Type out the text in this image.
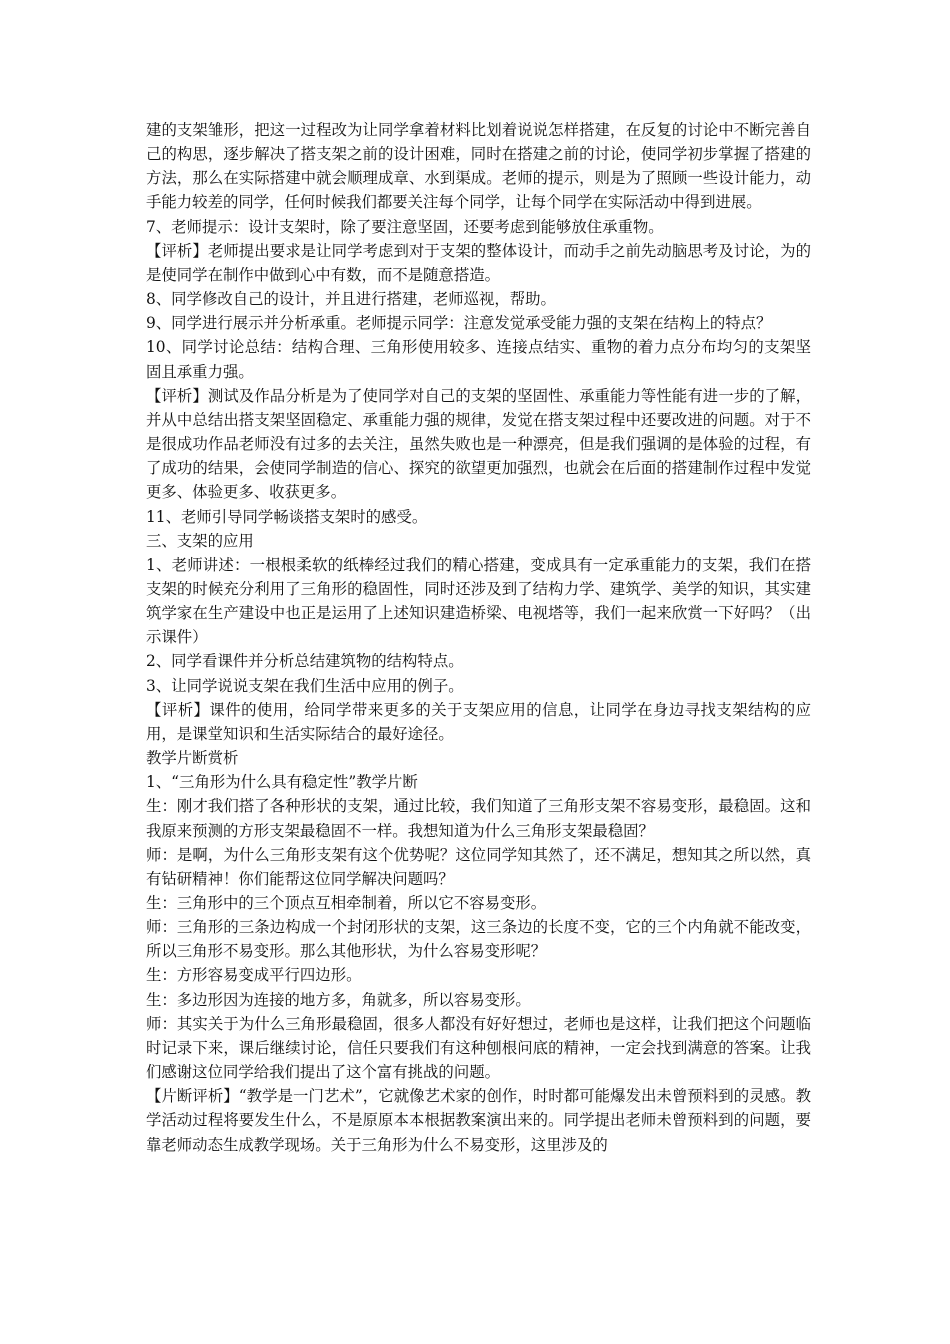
建的支架雏形，把这一过程改为让同学拿着材料比划着说说怎样搭建，在反复的讨论中不断完善自己的构思，逐步解决了搭支架之前的设计困难，同时在搭建之前的讨论，使同学初步掌握了搭建的方法，那么在实际搭建中就会顺理成章、水到渠成。老师的提示，则是为了照顾一些设计能力，动手能力较差的同学，任何时候我们都要关注每个同学，让每个同学在实际活动中得到进展。

7、老师提示：设计支架时，除了要注意坚固，还要考虑到能够放住承重物。

【评析】老师提出要求是让同学考虑到对于支架的整体设计，而动手之前先动脑思考及讨论，为的是使同学在制作中做到心中有数，而不是随意搭造。

8、同学修改自己的设计，并且进行搭建，老师巡视，帮助。

9、同学进行展示并分析承重。老师提示同学：注意发觉承受能力强的支架在结构上的特点？

10、同学讨论总结：结构合理、三角形使用较多、连接点结实、重物的着力点分布均匀的支架坚固且承重力强。

【评析】测试及作品分析是为了使同学对自己的支架的坚固性、承重能力等性能有进一步的了解，并从中总结出搭支架坚固稳定、承重能力强的规律，发觉在搭支架过程中还要改进的问题。对于不是很成功作品老师没有过多的去关注，虽然失败也是一种漂亮，但是我们强调的是体验的过程，有了成功的结果，会使同学制造的信心、探究的欲望更加强烈，也就会在后面的搭建制作过程中发觉更多、体验更多、收获更多。

11、老师引导同学畅谈搭支架时的感受。

三、支架的应用

1、老师讲述：一根根柔软的纸棒经过我们的精心搭建，变成具有一定承重能力的支架，我们在搭支架的时候充分利用了三角形的稳固性，同时还涉及到了结构力学、建筑学、美学的知识，其实建筑学家在生产建设中也正是运用了上述知识建造桥梁、电视塔等，我们一起来欣赏一下好吗？（出示课件）

2、同学看课件并分析总结建筑物的结构特点。

3、让同学说说支架在我们生活中应用的例子。

【评析】课件的使用，给同学带来更多的关于支架应用的信息，让同学在身边寻找支架结构的应用，是课堂知识和生活实际结合的最好途径。

教学片断赏析

1、“三角形为什么具有稳定性”教学片断

生：刚才我们搭了各种形状的支架，通过比较，我们知道了三角形支架不容易变形，最稳固。这和我原来预测的方形支架最稳固不一样。我想知道为什么三角形支架最稳固？

师：是啊，为什么三角形支架有这个优势呢？这位同学知其然了，还不满足，想知其之所以然，真有钻研精神！你们能帮这位同学解决问题吗？

生：三角形中的三个顶点互相牵制着，所以它不容易变形。

师：三角形的三条边构成一个封闭形状的支架，这三条边的长度不变，它的三个内角就不能改变，所以三角形不易变形。那么其他形状，为什么容易变形呢？

生：方形容易变成平行四边形。

生：多边形因为连接的地方多，角就多，所以容易变形。

师：其实关于为什么三角形最稳固，很多人都没有好好想过，老师也是这样，让我们把这个问题临时记录下来，课后继续讨论，信任只要我们有这种刨根问底的精神，一定会找到满意的答案。让我们感谢这位同学给我们提出了这个富有挑战的问题。

【片断评析】“教学是一门艺术”，它就像艺术家的创作，时时都可能爆发出未曾预料到的灵感。教学活动过程将要发生什么，不是原原本本根据教案演出来的。同学提出老师未曾预料到的问题，要靠老师动态生成教学现场。关于三角形为什么不易变形，这里涉及的
